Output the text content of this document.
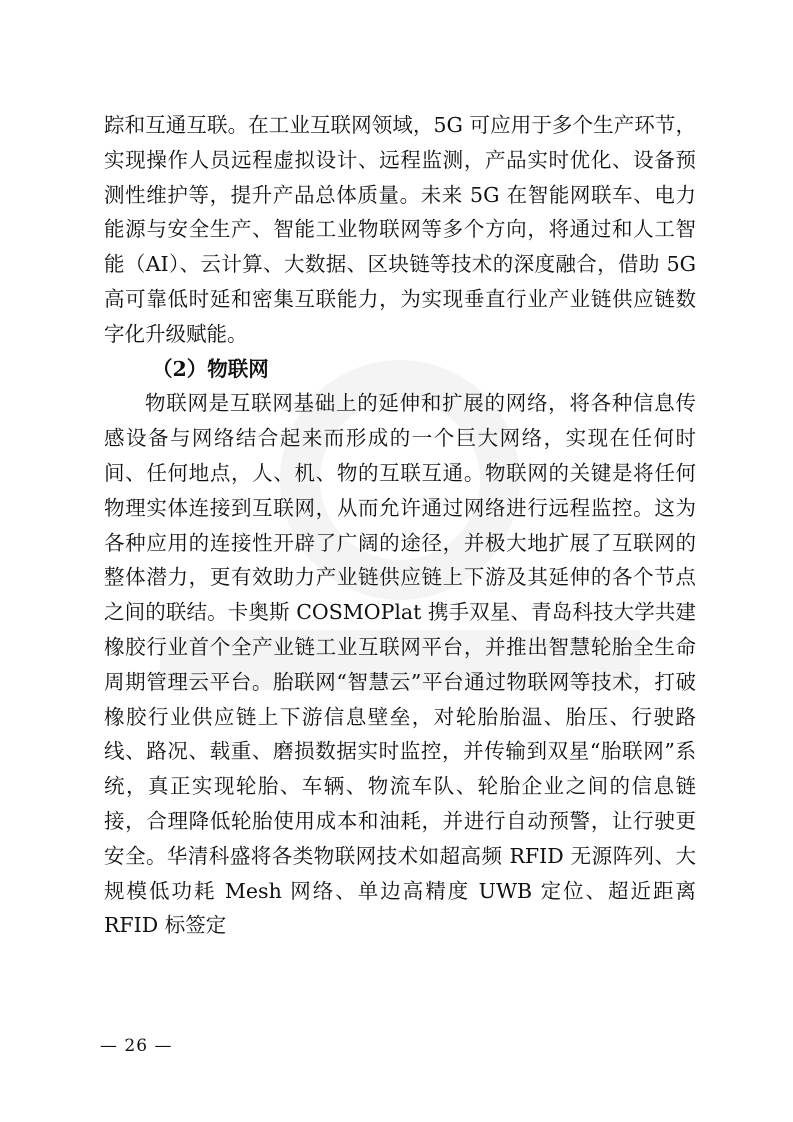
踪和互通互联。在工业互联网领域，5G 可应用于多个生产环节，实现操作人员远程虚拟设计、远程监测，产品实时优化、设备预测性维护等，提升产品总体质量。未来 5G 在智能网联车、电力能源与安全生产、智能工业物联网等多个方向，将通过和人工智能（AI）、云计算、大数据、区块链等技术的深度融合，借助 5G 高可靠低时延和密集互联能力，为实现垂直行业产业链供应链数字化升级赋能。

（2）物联网

物联网是互联网基础上的延伸和扩展的网络，将各种信息传感设备与网络结合起来而形成的一个巨大网络，实现在任何时间、任何地点，人、机、物的互联互通。物联网的关键是将任何物理实体连接到互联网，从而允许通过网络进行远程监控。这为各种应用的连接性开辟了广阔的途径，并极大地扩展了互联网的整体潜力，更有效助力产业链供应链上下游及其延伸的各个节点之间的联结。卡奥斯 COSMOPlat 携手双星、青岛科技大学共建橡胶行业首个全产业链工业互联网平台，并推出智慧轮胎全生命周期管理云平台。胎联网“智慧云”平台通过物联网等技术，打破橡胶行业供应链上下游信息壁垒，对轮胎胎温、胎压、行驶路线、路况、载重、磨损数据实时监控，并传输到双星“胎联网”系统，真正实现轮胎、车辆、物流车队、轮胎企业之间的信息链接，合理降低轮胎使用成本和油耗，并进行自动预警，让行驶更安全。华清科盛将各类物联网技术如超高频 RFID 无源阵列、大规模低功耗 Mesh 网络、单边高精度 UWB 定位、超近距离 RFID 标签定

— 26 —
